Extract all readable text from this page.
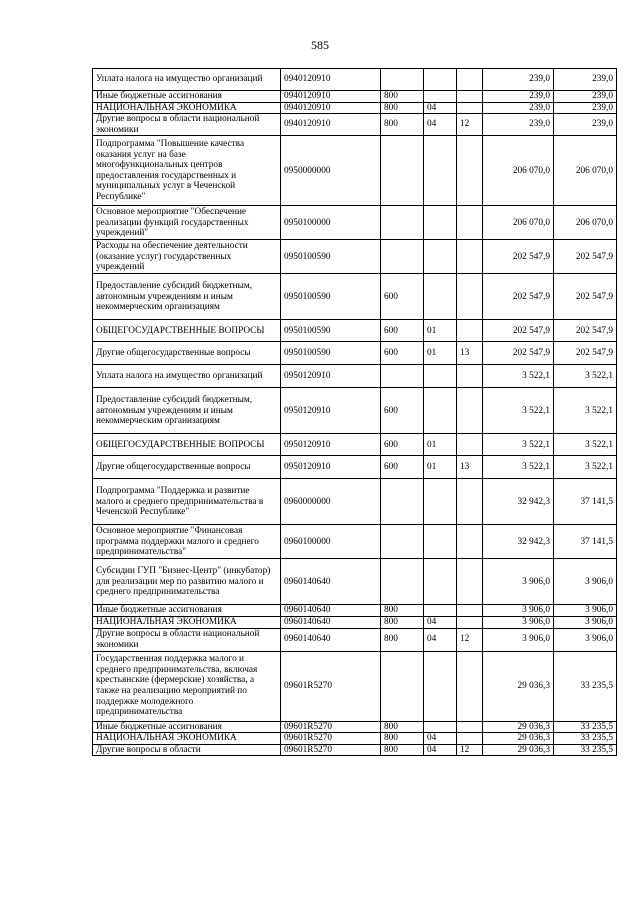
585
Уплата налога на имущество организаций	0940120910				239,0	239,0
Иные бюджетные ассигнования	0940120910	800			239,0	239,0
НАЦИОНАЛЬНАЯ ЭКОНОМИКА	0940120910	800	04		239,0	239,0
Другие вопросы в области национальной экономики	0940120910	800	04	12	239,0	239,0
Подпрограмма "Повышение качества оказания услуг на базе многофункциональных центров предоставления государственных и муниципальных услуг в Чеченской Республике"	0950000000				206 070,0	206 070,0
Основное мероприятие "Обеспечение реализации функций государственных учреждений"	0950100000				206 070,0	206 070,0
Расходы на обеспечение деятельности (оказание услуг) государственных учреждений	0950100590				202 547,9	202 547,9
Предоставление субсидий бюджетным, автономным учреждениям и иным некоммерческим организациям	0950100590	600			202 547,9	202 547,9
ОБЩЕГОСУДАРСТВЕННЫЕ ВОПРОСЫ	0950100590	600	01		202 547,9	202 547,9
Другие общегосударственные вопросы	0950100590	600	01	13	202 547,9	202 547,9
Уплата налога на имущество организаций	0950120910				3 522,1	3 522,1
Предоставление субсидий бюджетным, автономным учреждениям и иным некоммерческим организациям	0950120910	600			3 522,1	3 522,1
ОБЩЕГОСУДАРСТВЕННЫЕ ВОПРОСЫ	0950120910	600	01		3 522,1	3 522,1
Другие общегосударственные вопросы	0950120910	600	01	13	3 522,1	3 522,1
Подпрограмма "Поддержка и развитие малого и среднего предпринимательства в Чеченской Республике"	0960000000				32 942,3	37 141,5
Основное мероприятие "Финансовая программа поддержки малого и среднего предпринимательства"	0960100000				32 942,3	37 141,5
Субсидии ГУП "Бизнес-Центр" (инкубатор) для реализации мер по развитию малого и среднего предпринимательства	0960140640				3 906,0	3 906,0
Иные бюджетные ассигнования	0960140640	800			3 906,0	3 906,0
НАЦИОНАЛЬНАЯ ЭКОНОМИКА	0960140640	800	04		3 906,0	3 906,0
Другие вопросы в области национальной экономики	0960140640	800	04	12	3 906,0	3 906,0
Государственная поддержка малого и среднего предпринимательства, включая крестьянские (фермерские) хозяйства, а также на реализацию мероприятий по поддержке молодежного предпринимательства	09601R5270				29 036,3	33 235,5
Иные бюджетные ассигнования	09601R5270	800			29 036,3	33 235,5
НАЦИОНАЛЬНАЯ ЭКОНОМИКА	09601R5270	800	04		29 036,3	33 235,5
Другие вопросы в области	09601R5270	800	04	12	29 036,3	33 235,5
